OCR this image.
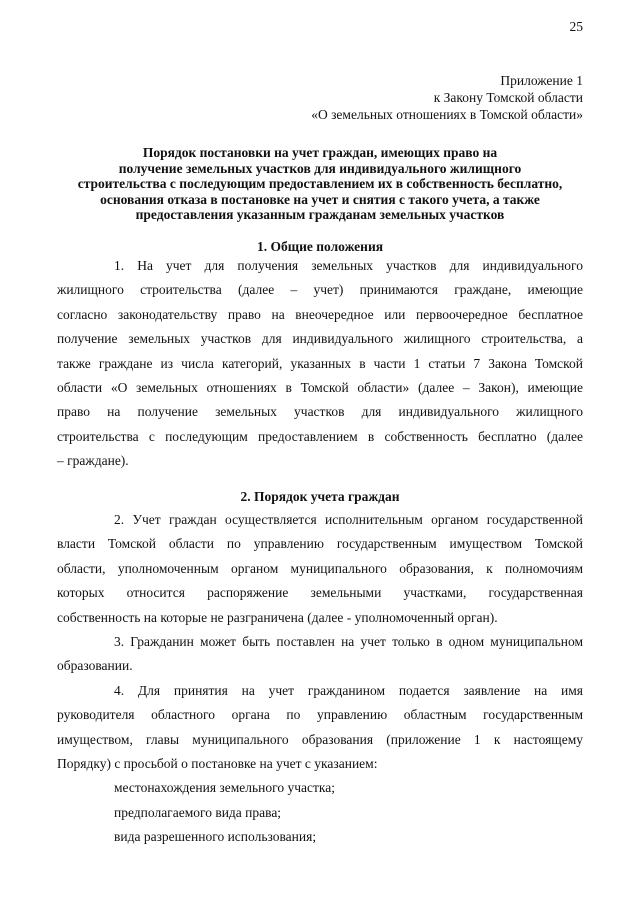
25
Приложение 1
к Закону Томской области
«О земельных отношениях в Томской области»
Порядок постановки на учет граждан, имеющих право на
получение земельных участков для индивидуального жилищного
строительства с последующим предоставлением их в собственность бесплатно,
основания отказа в постановке на учет и снятия с такого учета, а также
предоставления указанным гражданам земельных участков
1. Общие положения
1. На учет для получения земельных участков для индивидуального
жилищного строительства (далее – учет) принимаются граждане, имеющие
согласно законодательству право на внеочередное или первоочередное бесплатное
получение земельных участков для индивидуального жилищного строительства, а
также граждане из числа категорий, указанных в части 1 статьи 7 Закона Томской
области «О земельных отношениях в Томской области» (далее – Закон), имеющие
право на получение земельных участков для индивидуального жилищного
строительства с последующим предоставлением в собственность бесплатно (далее
– граждане).
2. Порядок учета граждан
2. Учет граждан осуществляется исполнительным органом государственной
власти Томской области по управлению государственным имуществом Томской
области, уполномоченным органом муниципального образования, к полномочиям
которых относится распоряжение земельными участками, государственная
собственность на которые не разграничена (далее - уполномоченный орган).
3. Гражданин может быть поставлен на учет только в одном муниципальном
образовании.
4. Для принятия на учет гражданином подается заявление на имя
руководителя областного органа по управлению областным государственным
имуществом, главы муниципального образования (приложение 1 к настоящему
Порядку) с просьбой о постановке на учет с указанием:
местонахождения земельного участка;
предполагаемого вида права;
вида разрешенного использования;
